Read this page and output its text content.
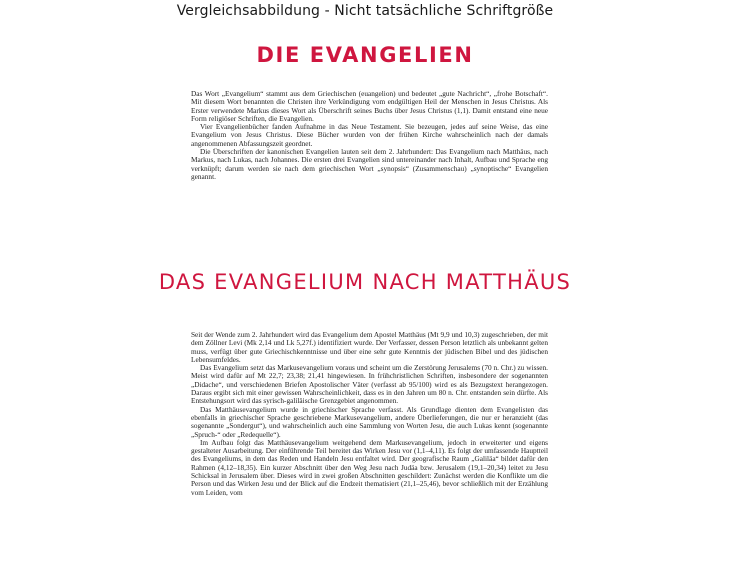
Vergleichsabbildung - Nicht tatsächliche Schriftgröße
DIE EVANGELIEN

Das Wort „Evangelium“ stammt aus dem Griechischen (euangelion) und bedeutet „gute Nachricht“, „frohe Botschaft“. Mit diesem Wort benannten die Christen ihre Verkündigung vom endgültigen Heil der Menschen in Jesus Christus. Als Erster verwendete Markus dieses Wort als Überschrift seines Buchs über Jesus Christus (1,1). Damit entstand eine neue Form religiöser Schriften, die Evangelien.

Vier Evangelienbücher fanden Aufnahme in das Neue Testament. Sie bezeugen, jedes auf seine Weise, das eine Evangelium von Jesus Christus. Diese Bücher wurden von der frühen Kirche wahrscheinlich nach der damals angenommenen Abfassungszeit geordnet.

Die Überschriften der kanonischen Evangelien lauten seit dem 2. Jahrhundert: Das Evangelium nach Matthäus, nach Markus, nach Lukas, nach Johannes. Die ersten drei Evangelien sind untereinander nach Inhalt, Aufbau und Sprache eng verknüpft; darum werden sie nach dem griechischen Wort „synopsis“ (Zusammenschau) „synoptische“ Evangelien genannt.

DAS EVANGELIUM NACH MATTHÄUS

Seit der Wende zum 2. Jahrhundert wird das Evangelium dem Apostel Matthäus (Mt 9,9 und 10,3) zugeschrieben, der mit dem Zöllner Levi (Mk 2,14 und Lk 5,27f.) identifiziert wurde. Der Verfasser, dessen Person letztlich als unbekannt gelten muss, verfügt über gute Griechischkenntnisse und über eine sehr gute Kenntnis der jüdischen Bibel und des jüdischen Lebensumfeldes.

Das Evangelium setzt das Markusevangelium voraus und scheint um die Zerstörung Jerusalems (70 n. Chr.) zu wissen. Meist wird dafür auf Mt 22,7; 23,38; 21,41 hingewiesen. In frühchristlichen Schriften, insbesondere der sogenannten „Didache“, und verschiedenen Briefen Apostolischer Väter (verfasst ab 95/100) wird es als Bezugstext herangezogen. Daraus ergibt sich mit einer gewissen Wahrscheinlichkeit, dass es in den Jahren um 80 n. Chr. entstanden sein dürfte. Als Entstehungsort wird das syrisch-galiläische Grenzgebiet angenommen.

Das Matthäusevangelium wurde in griechischer Sprache verfasst. Als Grundlage dienten dem Evangelisten das ebenfalls in griechischer Sprache geschriebene Markusevangelium, andere Überlieferungen, die nur er heranzieht (das sogenannte „Sondergut“), und wahrscheinlich auch eine Sammlung von Worten Jesu, die auch Lukas kennt (sogenannte „Spruch-“ oder „Redequelle“).

Im Aufbau folgt das Matthäusevangelium weitgehend dem Markusevangelium, jedoch in erweiterter und eigens gestalteter Ausarbeitung. Der einführende Teil bereitet das Wirken Jesu vor (1,1–4,11). Es folgt der umfassende Hauptteil des Evangeliums, in dem das Reden und Handeln Jesu entfaltet wird. Der geografische Raum „Galiläa“ bildet dafür den Rahmen (4,12–18,35). Ein kurzer Abschnitt über den Weg Jesu nach Judäa bzw. Jerusalem (19,1–20,34) leitet zu Jesu Schicksal in Jerusalem über. Dieses wird in zwei großen Abschnitten geschildert: Zunächst werden die Konflikte um die Person und das Wirken Jesu und der Blick auf die Endzeit thematisiert (21,1–25,46), bevor schließlich mit der Erzählung vom Leiden, vom
